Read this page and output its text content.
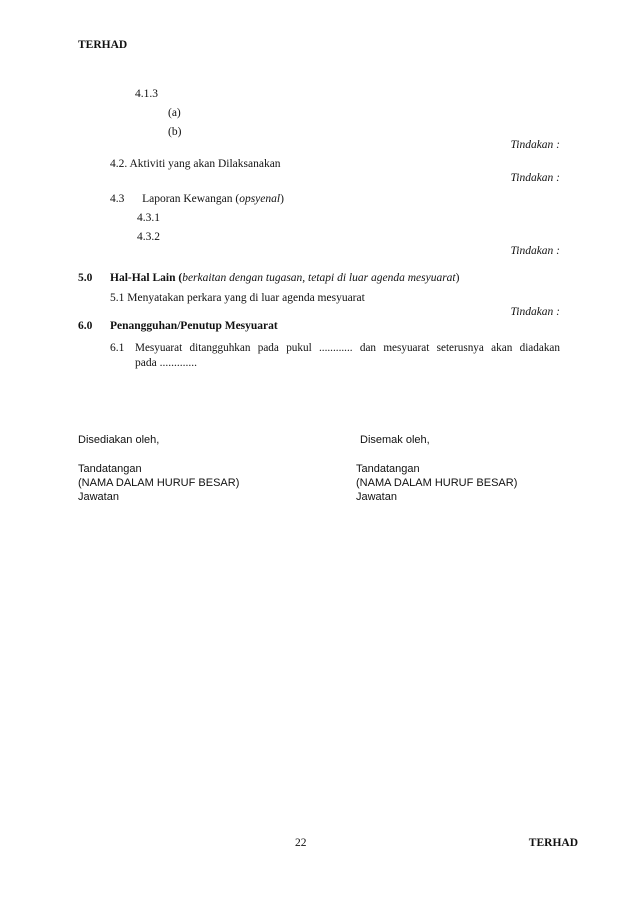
TERHAD
4.1.3
(a)
(b)
Tindakan :
4.2. Aktiviti yang akan Dilaksanakan
Tindakan :
4.3 Laporan Kewangan (opsyenal)
4.3.1
4.3.2
Tindakan :
5.0 Hal-Hal Lain (berkaitan dengan tugasan, tetapi di luar agenda mesyuarat)
5.1 Menyatakan perkara yang di luar agenda mesyuarat
Tindakan :
6.0 Penangguhan/Penutup Mesyuarat
6.1 Mesyuarat ditangguhkan pada pukul ............ dan mesyuarat seterusnya akan diadakan
pada .............
Disediakan oleh,
Tandatangan
(NAMA DALAM HURUF BESAR)
Jawatan
Disemak oleh,
Tandatangan
(NAMA DALAM HURUF BESAR)
Jawatan
22	TERHAD
